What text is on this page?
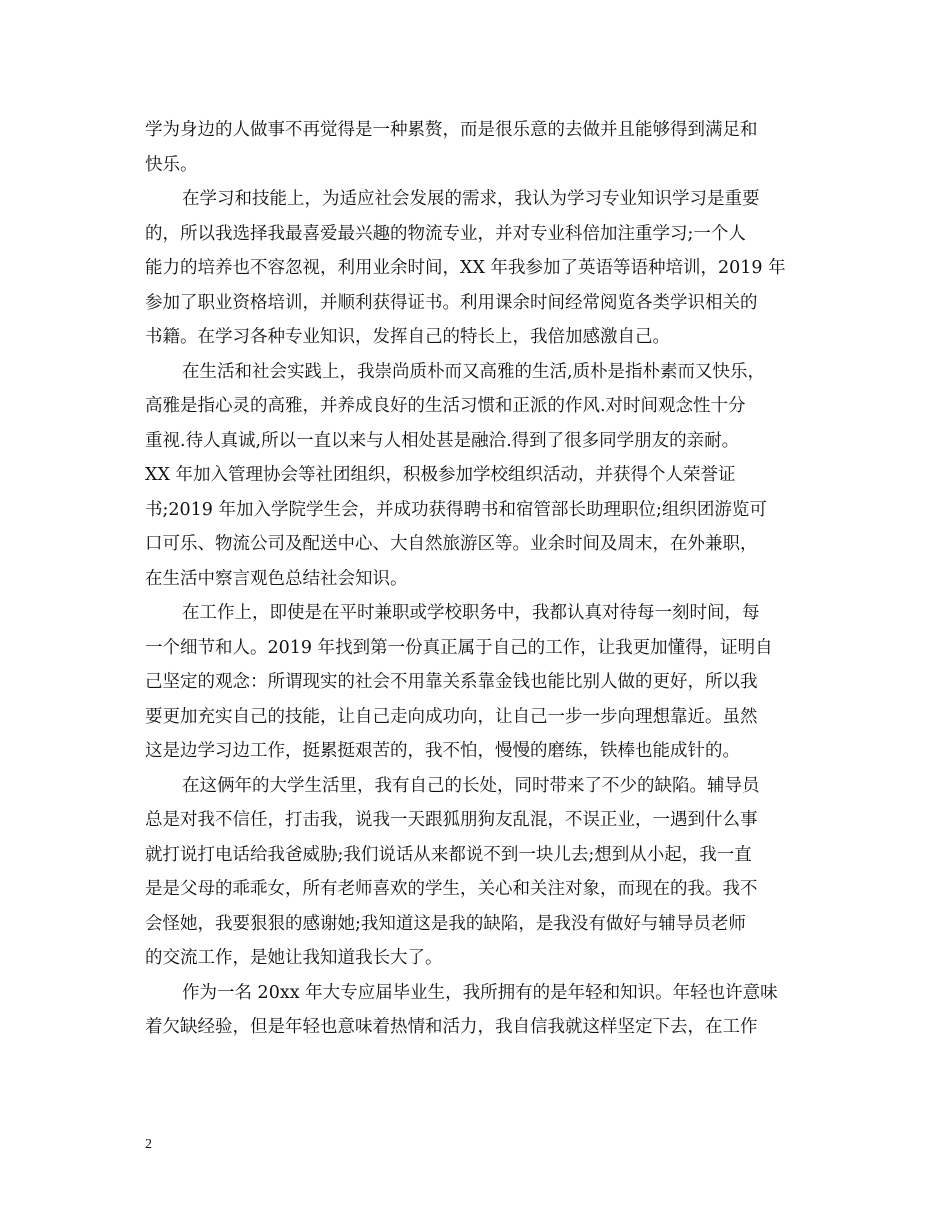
学为身边的人做事不再觉得是一种累赘，而是很乐意的去做并且能够得到满足和
快乐。
在学习和技能上，为适应社会发展的需求，我认为学习专业知识学习是重要
的，所以我选择我最喜爱最兴趣的物流专业，并对专业科倍加注重学习;一个人
能力的培养也不容忽视，利用业余时间，XX 年我参加了英语等语种培训，2019 年
参加了职业资格培训，并顺利获得证书。利用课余时间经常阅览各类学识相关的
书籍。在学习各种专业知识，发挥自己的特长上，我倍加感激自己。
在生活和社会实践上，我崇尚质朴而又高雅的生活,质朴是指朴素而又快乐，
高雅是指心灵的高雅，并养成良好的生活习惯和正派的作风.对时间观念性十分
重视.待人真诚,所以一直以来与人相处甚是融洽.得到了很多同学朋友的亲耐。
XX 年加入管理协会等社团组织，积极参加学校组织活动，并获得个人荣誉证
书;2019 年加入学院学生会，并成功获得聘书和宿管部长助理职位;组织团游览可
口可乐、物流公司及配送中心、大自然旅游区等。业余时间及周末，在外兼职，
在生活中察言观色总结社会知识。
在工作上，即使是在平时兼职或学校职务中，我都认真对待每一刻时间，每
一个细节和人。2019 年找到第一份真正属于自己的工作，让我更加懂得，证明自
己坚定的观念：所谓现实的社会不用靠关系靠金钱也能比别人做的更好，所以我
要更加充实自己的技能，让自己走向成功向，让自己一步一步向理想靠近。虽然
这是边学习边工作，挺累挺艰苦的，我不怕，慢慢的磨练，铁棒也能成针的。
在这俩年的大学生活里，我有自己的长处，同时带来了不少的缺陷。辅导员
总是对我不信任，打击我，说我一天跟狐朋狗友乱混，不误正业，一遇到什么事
就打说打电话给我爸威胁;我们说话从来都说不到一块儿去;想到从小起，我一直
是是父母的乖乖女，所有老师喜欢的学生，关心和关注对象，而现在的我。我不
会怪她，我要狠狠的感谢她;我知道这是我的缺陷，是我没有做好与辅导员老师
的交流工作，是她让我知道我长大了。
作为一名 20xx 年大专应届毕业生，我所拥有的是年轻和知识。年轻也许意味
着欠缺经验，但是年轻也意味着热情和活力，我自信我就这样坚定下去，在工作
2
